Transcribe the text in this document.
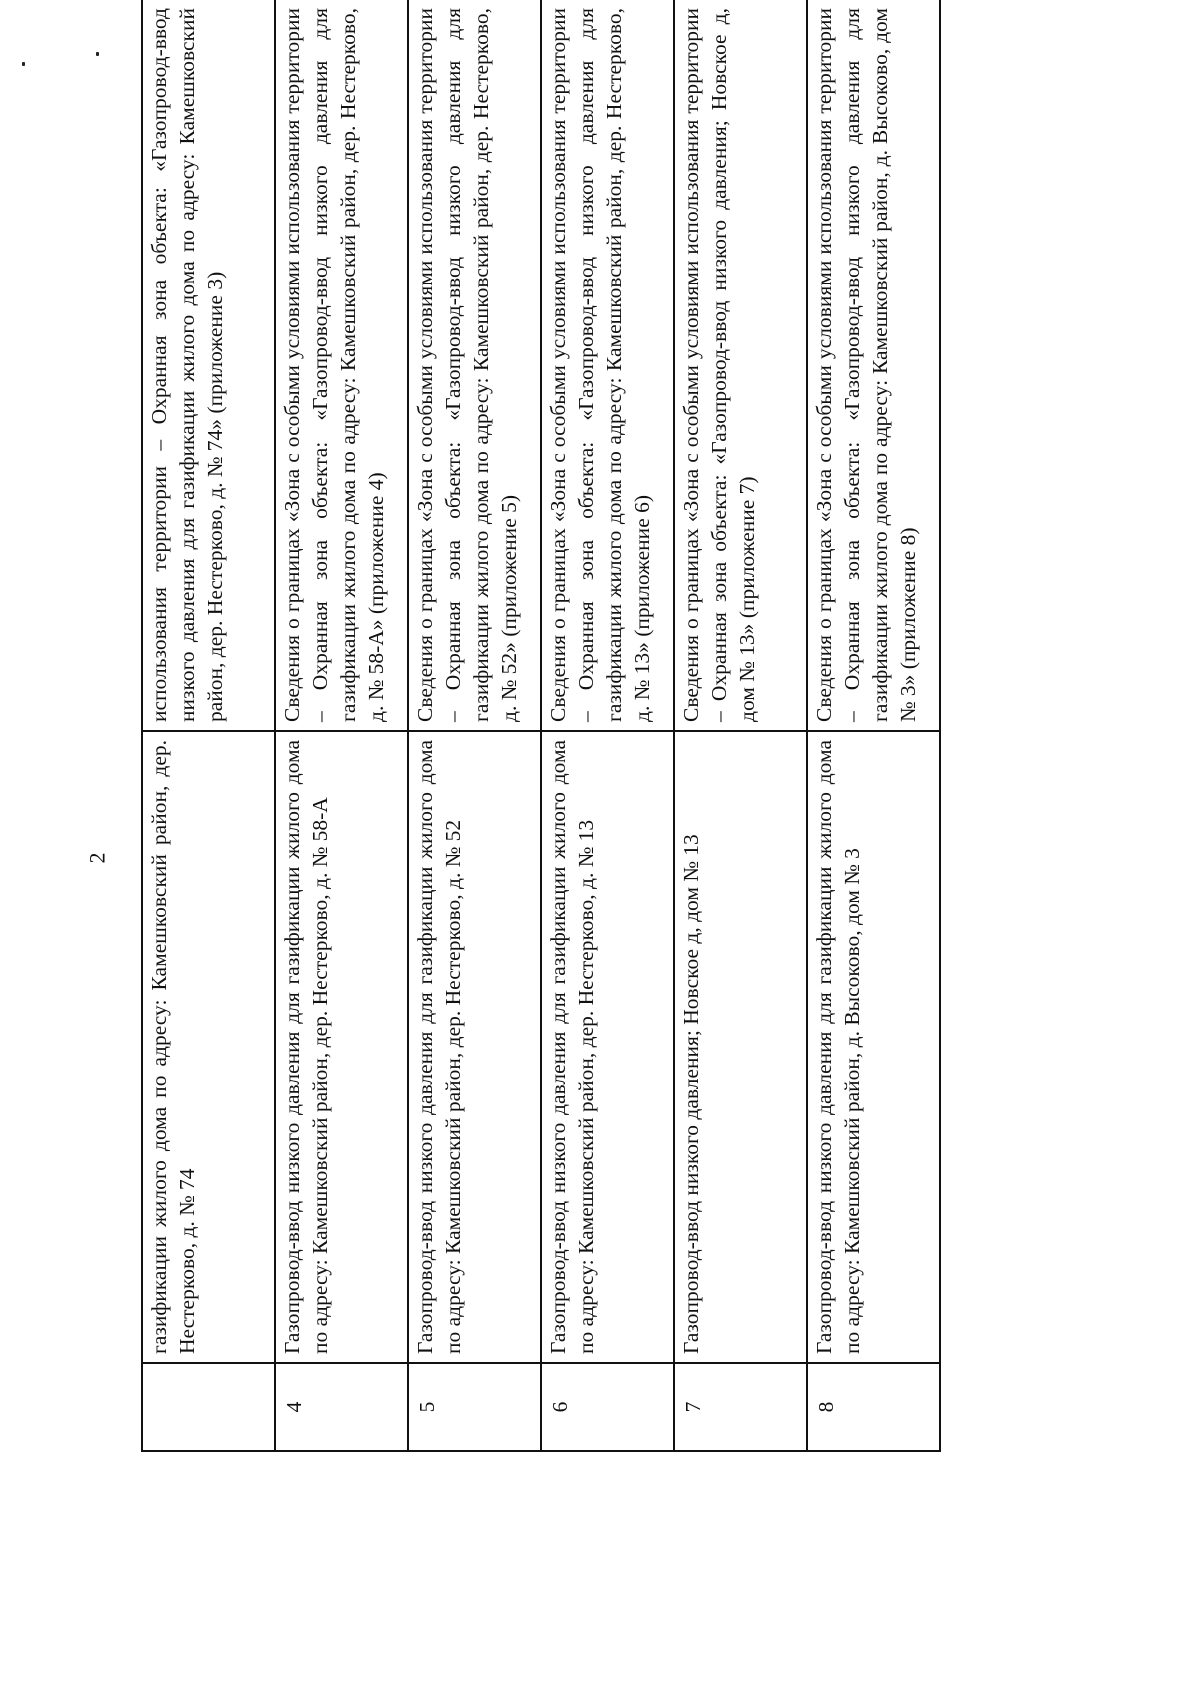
2
	газификации жилого дома по адресу: Камешковский район, дер. Нестерково, д. № 74	использования территории – Охранная зона объекта: «Газопровод-ввод низкого давления для газификации жилого дома по адресу: Камешковский район, дер. Нестерково, д. № 74» (приложение 3)
4	Газопровод-ввод низкого давления для газификации жилого дома по адресу: Камешковский район, дер. Нестерково, д. № 58-А	Сведения о границах «Зона с особыми условиями использования территории – Охранная зона объекта: «Газопровод-ввод низкого давления для газификации жилого дома по адресу: Камешковский район, дер. Нестерково, д. № 58-А» (приложение 4)
5	Газопровод-ввод низкого давления для газификации жилого дома по адресу: Камешковский район, дер. Нестерково, д. № 52	Сведения о границах «Зона с особыми условиями использования территории – Охранная зона объекта: «Газопровод-ввод низкого давления для газификации жилого дома по адресу: Камешковский район, дер. Нестерково, д. № 52» (приложение 5)
6	Газопровод-ввод низкого давления для газификации жилого дома по адресу: Камешковский район, дер. Нестерково, д. № 13	Сведения о границах «Зона с особыми условиями использования территории – Охранная зона объекта: «Газопровод-ввод низкого давления для газификации жилого дома по адресу: Камешковский район, дер. Нестерково, д. № 13» (приложение 6)
7	Газопровод-ввод низкого давления; Новское д, дом № 13	Сведения о границах «Зона с особыми условиями использования территории – Охранная зона объекта: «Газопровод-ввод низкого давления; Новское д, дом № 13» (приложение 7)
8	Газопровод-ввод низкого давления для газификации жилого дома по адресу: Камешковский район, д. Высоково, дом № 3	Сведения о границах «Зона с особыми условиями использования территории – Охранная зона объекта: «Газопровод-ввод низкого давления для газификации жилого дома по адресу: Камешковский район, д. Высоково, дом № 3» (приложение 8)
